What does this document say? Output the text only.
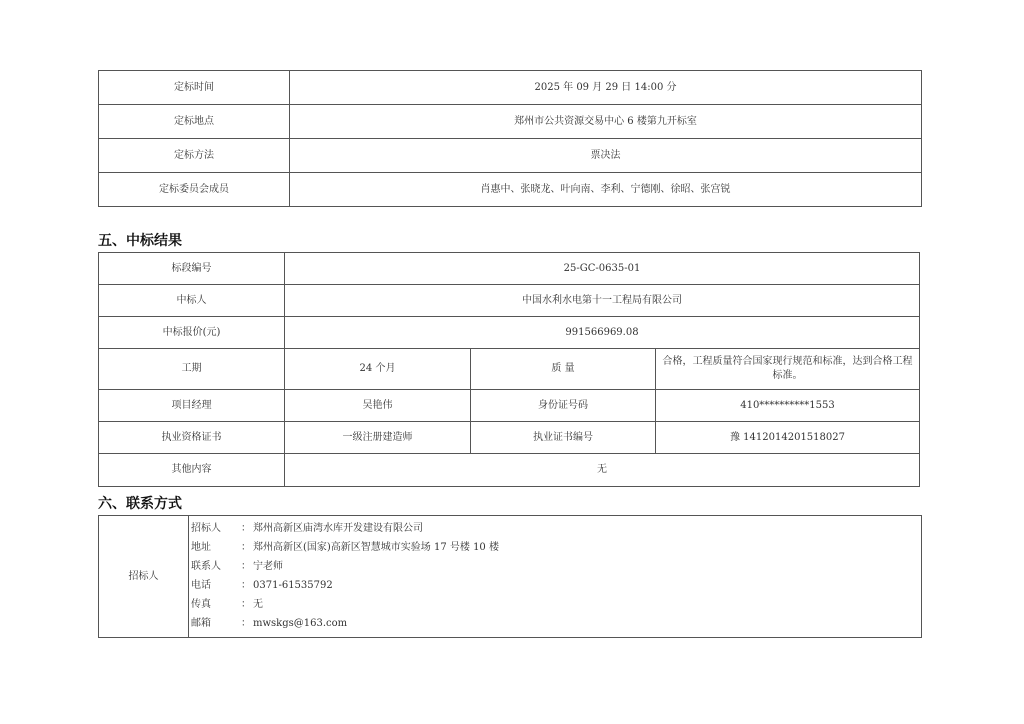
定标时间	2025 年 09 月 29 日 14:00 分
定标地点	郑州市公共资源交易中心 6 楼第九开标室
定标方法	票决法
定标委员会成员	肖惠中、张晓龙、叶向南、李利、宁德刚、徐昭、张宫锐
五、中标结果
标段编号	25-GC-0635-01		
中标人	中国水利水电第十一工程局有限公司		
中标报价(元)	991566969.08		
工期	24 个月	质 量	合格，工程质量符合国家现行规范和标准，达到合格工程标准。
项目经理	吴艳伟	身份证号码	410**********1553
执业资格证书	一级注册建造师	执业证书编号	豫 141201420151802​7
其他内容	无		
六、联系方式
招标人	
招标人 ： 郑州高新区庙湾水库开发建设有限公司
地址	： 郑州高新区(国家)高新区智慧城市实验场 17 号楼 10 楼
联系人 ： 宁老师
电话	： 0371-61535792
传真	： 无
邮箱	： mwskgs@163.com
